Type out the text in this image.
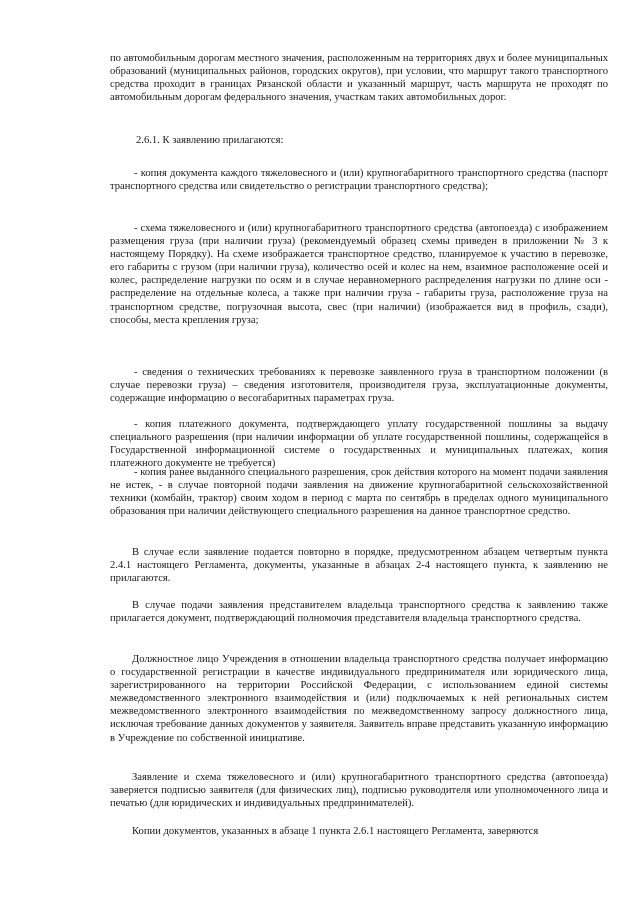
по автомобильным дорогам местного значения, расположенным на территориях двух и более муниципальных образований (муниципальных районов, городских округов), при условии, что маршрут такого транспортного средства проходит в границах Рязанской области и указанный маршрут, часть маршрута не проходят по автомобильным дорогам федерального значения, участкам таких автомобильных дорог.

2.6.1. К заявлению прилагаются:

- копия документа каждого тяжеловесного и (или) крупногабаритного транспортного средства (паспорт транспортного средства или свидетельство о регистрации транспортного средства);

- схема тяжеловесного и (или) крупногабаритного транспортного средства (автопоезда) с изображением размещения груза (при наличии груза) (рекомендуемый образец схемы приведен в приложении № 3 к настоящему Порядку). На схеме изображается транспортное средство, планируемое к участию в перевозке, его габариты с грузом (при наличии груза), количество осей и колес на нем, взаимное расположение осей и колес, распределение нагрузки по осям и в случае неравномерного распределения нагрузки по длине оси - распределение на отдельные колеса, а также при наличии груза - габариты груза, расположение груза на транспортном средстве, погрузочная высота, свес (при наличии) (изображается вид в профиль, сзади), способы, места крепления груза;

- сведения о технических требованиях к перевозке заявленного груза в транспортном положении (в случае перевозки груза) – сведения изготовителя, производителя груза, эксплуатационные документы, содержащие информацию о весогабаритных параметрах груза.

- копия платежного документа, подтверждающего уплату государственной пошлины за выдачу специального разрешения (при наличии информации об уплате государственной пошлины, содержащейся в Государственной информационной системе о государственных и муниципальных платежах, копия платежного документе не требуется)

- копия ранее выданного специального разрешения, срок действия которого на момент подачи заявления не истек, - в случае повторной подачи заявления на движение крупногабаритной сельскохозяйственной техники (комбайн, трактор) своим ходом в период с марта по сентябрь в пределах одного муниципального образования при наличии действующего специального разрешения на данное транспортное средство.

В случае если заявление подается повторно в порядке, предусмотренном абзацем четвертым пункта 2.4.1 настоящего Регламента, документы, указанные в абзацах 2-4 настоящего пункта, к заявлению не прилагаются.

В случае подачи заявления представителем владельца транспортного средства к заявлению также прилагается документ, подтверждающий полномочия представителя владельца транспортного средства.

Должностное лицо Учреждения в отношении владельца транспортного средства получает информацию о государственной регистрации в качестве индивидуального предпринимателя или юридического лица, зарегистрированного на территории Российской Федерации, с использованием единой системы межведомственного электронного взаимодействия и (или) подключаемых к ней региональных систем межведомственного электронного взаимодействия по межведомственному запросу должностного лица, исключая требование данных документов у заявителя. Заявитель вправе представить указанную информацию в Учреждение по собственной инициативе.

Заявление и схема тяжеловесного и (или) крупногабаритного транспортного средства (автопоезда) заверяется подписью заявителя (для физических лиц), подписью руководителя или уполномоченного лица и печатью (для юридических и индивидуальных предпринимателей).

Копии документов, указанных в абзаце 1 пункта 2.6.1 настоящего Регламента, заверяются
